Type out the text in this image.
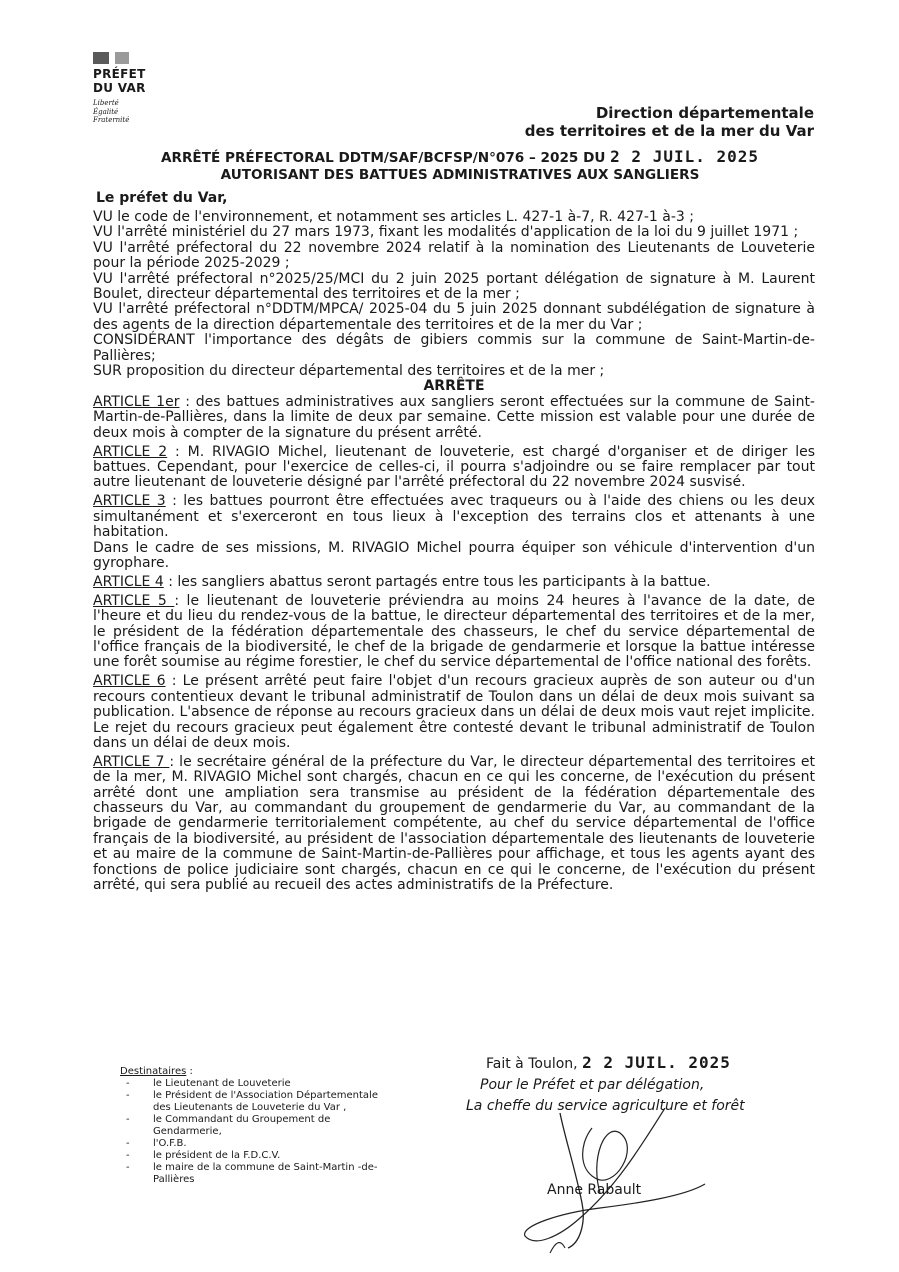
PRÉFET
DU VAR
Liberté
Égalité
Fraternité	Direction départementale
des territoires et de la mer du Var
ARRÊTÉ PRÉFECTORAL DDTM/SAF/BCFSP/N°076 – 2025 DU 2 2 JUIL. 2025
AUTORISANT DES BATTUES ADMINISTRATIVES AUX SANGLIERS
Le préfet du Var,

VU le code de l'environnement, et notamment ses articles L. 427-1 à-7, R. 427-1 à-3 ;

VU l'arrêté ministériel du 27 mars 1973, fixant les modalités d'application de la loi du 9 juillet 1971 ;

VU l'arrêté préfectoral du 22 novembre 2024 relatif à la nomination des Lieutenants de Louveterie pour la période 2025-2029 ;

VU l'arrêté préfectoral n°2025/25/MCI du 2 juin 2025 portant délégation de signature à M. Laurent Boulet, directeur départemental des territoires et de la mer ;

VU l'arrêté préfectoral n°DDTM/MPCA/ 2025-04 du 5 juin 2025 donnant subdélégation de signature à des agents de la direction départementale des territoires et de la mer du Var ;

CONSIDÉRANT l'importance des dégâts de gibiers commis sur la commune de Saint-Martin-de-Pallières;

SUR proposition du directeur départemental des territoires et de la mer ;

ARRÊTE

ARTICLE 1er : des battues administratives aux sangliers seront effectuées sur la commune de Saint-Martin-de-Pallières, dans la limite de deux par semaine. Cette mission est valable pour une durée de deux mois à compter de la signature du présent arrêté.

ARTICLE 2 : M. RIVAGIO Michel, lieutenant de louveterie, est chargé d'organiser et de diriger les battues. Cependant, pour l'exercice de celles-ci, il pourra s'adjoindre ou se faire remplacer par tout autre lieutenant de louveterie désigné par l'arrêté préfectoral du 22 novembre 2024 susvisé.

ARTICLE 3 : les battues pourront être effectuées avec traqueurs ou à l'aide des chiens ou les deux simultanément et s'exerceront en tous lieux à l'exception des terrains clos et attenants à une habitation.

Dans le cadre de ses missions, M. RIVAGIO Michel pourra équiper son véhicule d'intervention d'un gyrophare.

ARTICLE 4 : les sangliers abattus seront partagés entre tous les participants à la battue.

ARTICLE 5 : le lieutenant de louveterie préviendra au moins 24 heures à l'avance de la date, de l'heure et du lieu du rendez-vous de la battue, le directeur départemental des territoires et de la mer, le président de la fédération départementale des chasseurs, le chef du service départemental de l'office français de la biodiversité, le chef de la brigade de gendarmerie et lorsque la battue intéresse une forêt soumise au régime forestier, le chef du service départemental de l'office national des forêts.

ARTICLE 6 : Le présent arrêté peut faire l'objet d'un recours gracieux auprès de son auteur ou d'un recours contentieux devant le tribunal administratif de Toulon dans un délai de deux mois suivant sa publication. L'absence de réponse au recours gracieux dans un délai de deux mois vaut rejet implicite. Le rejet du recours gracieux peut également être contesté devant le tribunal administratif de Toulon dans un délai de deux mois.

ARTICLE 7 : le secrétaire général de la préfecture du Var, le directeur départemental des territoires et de la mer, M. RIVAGIO Michel sont chargés, chacun en ce qui les concerne, de l'exécution du présent arrêté dont une ampliation sera transmise au président de la fédération départementale des chasseurs du Var, au commandant du groupement de gendarmerie du Var, au commandant de la brigade de gendarmerie territorialement compétente, au chef du service départemental de l'office français de la biodiversité, au président de l'association départementale des lieutenants de louveterie et au maire de la commune de Saint-Martin-de-Pallières pour affichage, et tous les agents ayant des fonctions de police judiciaire sont chargés, chacun en ce qui le concerne, de l'exécution du présent arrêté, qui sera publié au recueil des actes administratifs de la Préfecture.

Destinataires :
- le Lieutenant de Louveterie
- le Président de l'Association Départementale des Lieutenants de Louveterie du Var ,
- le Commandant du Groupement de Gendarmerie,
- l'O.F.B.
- le président de la F.D.C.V.
- le maire de la commune de Saint-Martin -de-Pallières
Fait à Toulon, 2 2 JUIL. 2025
Pour le Préfet et par délégation,
La cheffe du service agriculture et forêt
Anne Rabault
